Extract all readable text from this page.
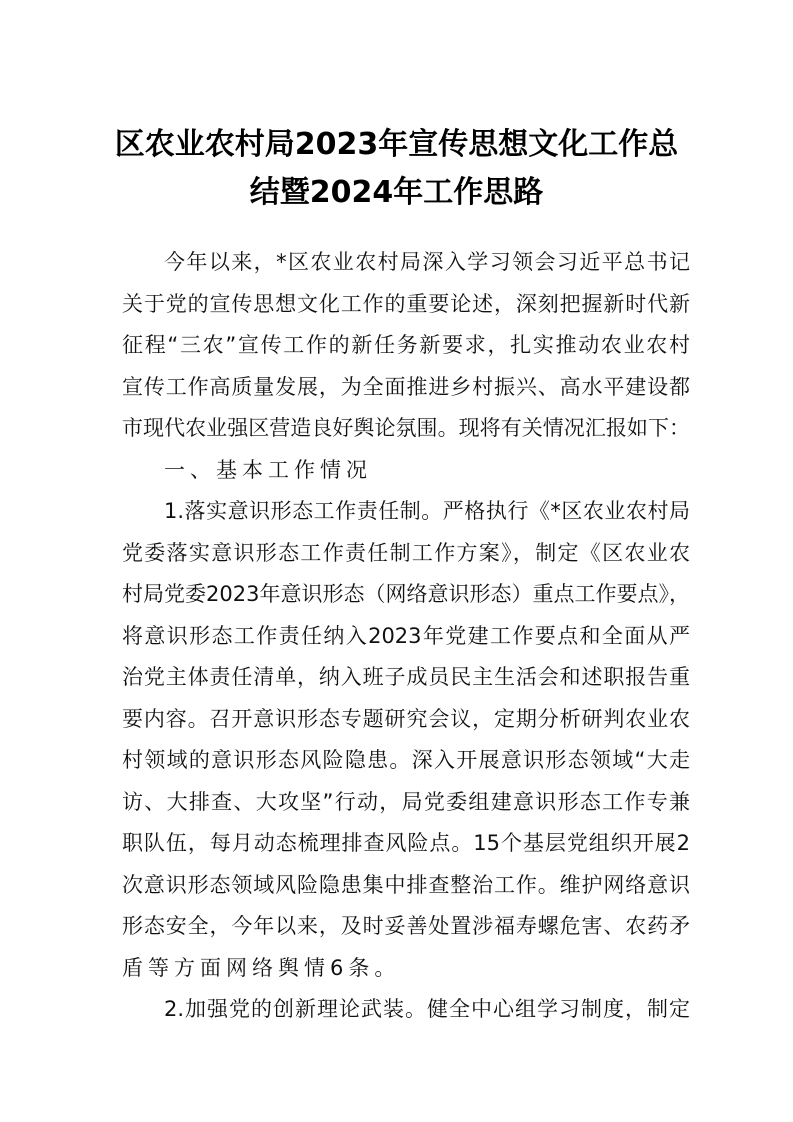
区农业农村局2023年宣传思想文化工作总
结暨2024年工作思路
今年以来，*区农业农村局深入学习领会习近平总书记
关于党的宣传思想文化工作的重要论述，深刻把握新时代新
征程“三农”宣传工作的新任务新要求，扎实推动农业农村
宣传工作高质量发展，为全面推进乡村振兴、高水平建设都
市现代农业强区营造良好舆论氛围。现将有关情况汇报如下：
一、基本工作情况
1.落实意识形态工作责任制。严格执行《*区农业农村局
党委落实意识形态工作责任制工作方案》，制定《区农业农
村局党委2023年意识形态（网络意识形态）重点工作要点》，
将意识形态工作责任纳入2023年党建工作要点和全面从严
治党主体责任清单，纳入班子成员民主生活会和述职报告重
要内容。召开意识形态专题研究会议，定期分析研判农业农
村领域的意识形态风险隐患。深入开展意识形态领域“大走
访、大排查、大攻坚”行动，局党委组建意识形态工作专兼
职队伍，每月动态梳理排查风险点。15个基层党组织开展2
次意识形态领域风险隐患集中排查整治工作。维护网络意识
形态安全，今年以来，及时妥善处置涉福寿螺危害、农药矛
盾等方面网络舆情6条。
2.加强党的创新理论武装。健全中心组学习制度，制定
